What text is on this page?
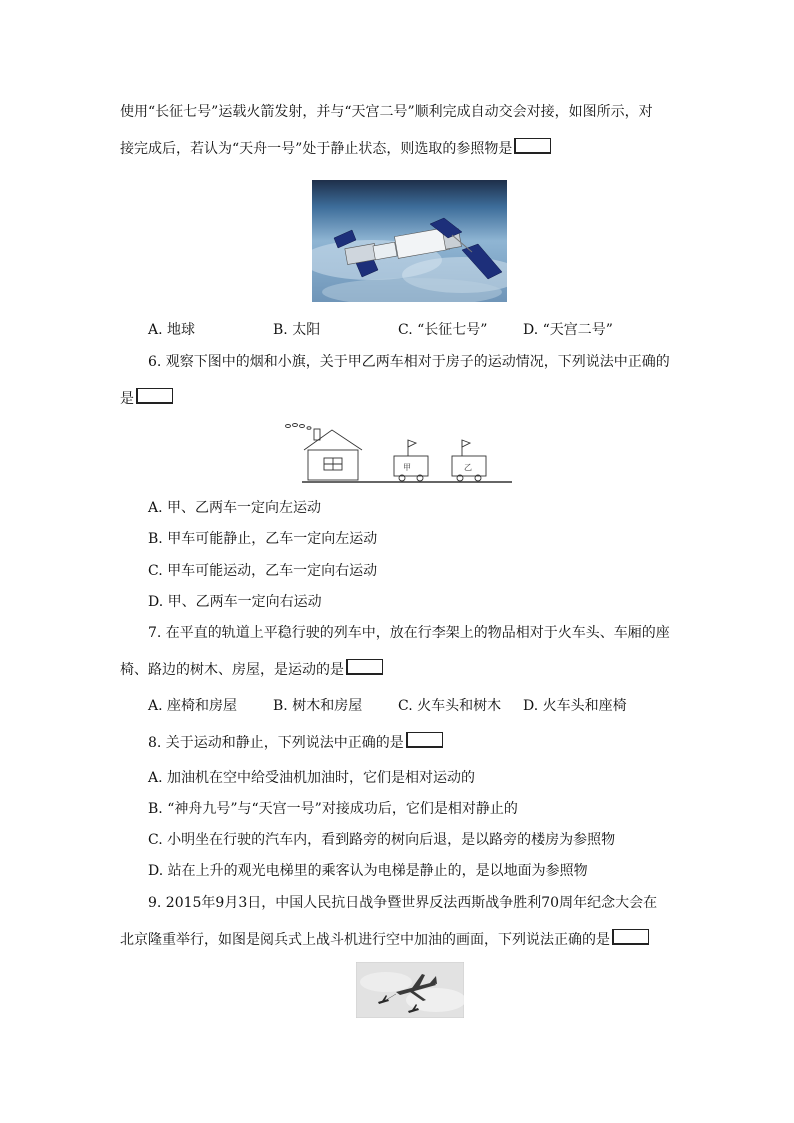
使用“长征七号”运载火箭发射，并与“天宫二号”顺利完成自动交会对接，如图所示，对
接完成后，若认为“天舟一号”处于静止状态，则选取的参照物是
A. 地球	B. 太阳	C. “长征七号”	D. “天宫二号”
6. 观察下图中的烟和小旗，关于甲乙两车相对于房子的运动情况，下列说法中正确的
是
甲	乙
A. 甲、乙两车一定向左运动
B. 甲车可能静止，乙车一定向左运动
C. 甲车可能运动，乙车一定向右运动
D. 甲、乙两车一定向右运动
7. 在平直的轨道上平稳行驶的列车中，放在行李架上的物品相对于火车头、车厢的座
椅、路边的树木、房屋，是运动的是
A. 座椅和房屋	B. 树木和房屋	C. 火车头和树木 D. 火车头和座椅
8. 关于运动和静止，下列说法中正确的是
A. 加油机在空中给受油机加油时，它们是相对运动的
B. “神舟九号”与“天宫一号”对接成功后，它们是相对静止的
C. 小明坐在行驶的汽车内，看到路旁的树向后退，是以路旁的楼房为参照物
D. 站在上升的观光电梯里的乘客认为电梯是静止的，是以地面为参照物
9. 2015年9月3日，中国人民抗日战争暨世界反法西斯战争胜利70周年纪念大会在
北京隆重举行，如图是阅兵式上战斗机进行空中加油的画面，下列说法正确的是
